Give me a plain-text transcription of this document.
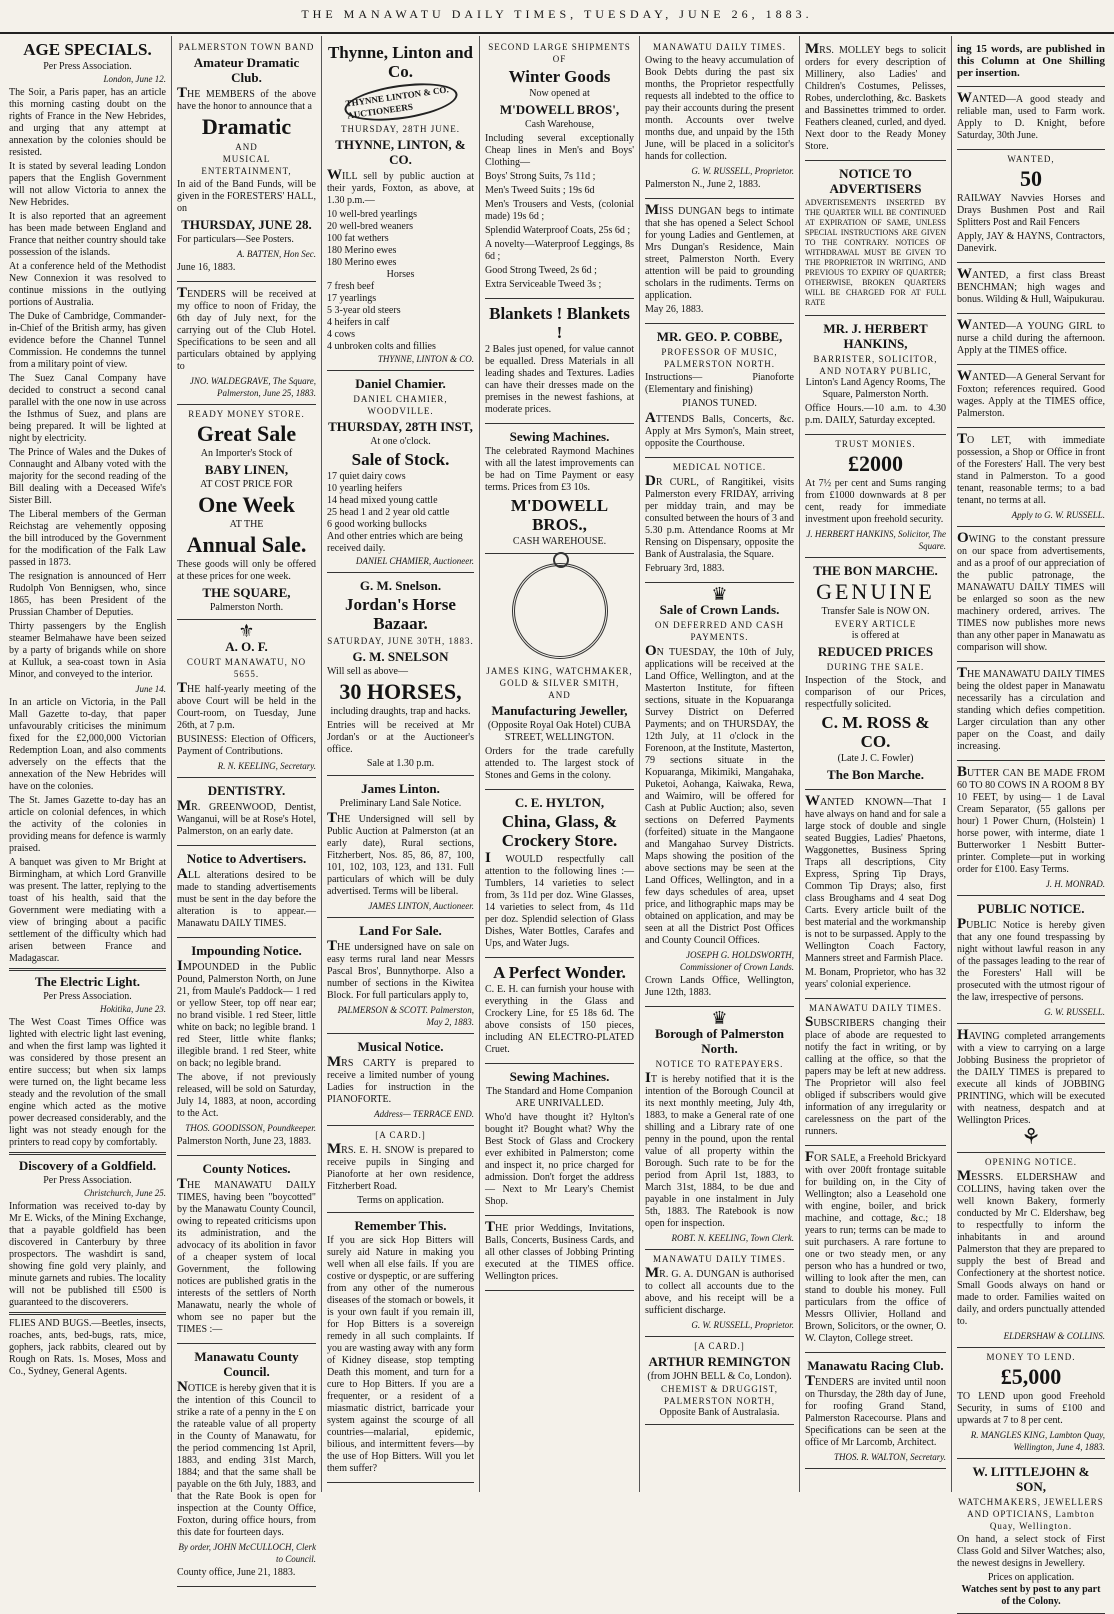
THE MANAWATU DAILY TIMES, TUESDAY, JUNE 26, 1883.
AGE SPECIALS.
Per Press Association.
London, June 12.

The Soir, a Paris paper, has an article this morning casting doubt on the rights of France in the New Hebrides, and urging that any attempt at annexation by the colonies should be resisted.

It is stated by several leading London papers that the English Government will not allow Victoria to annex the New Hebrides.

It is also reported that an agreement has been made between England and France that neither country should take possession of the islands.

At a conference held of the Methodist New Connexion it was resolved to continue missions in the outlying portions of Australia.

The Duke of Cambridge, Commander-in-Chief of the British army, has given evidence before the Channel Tunnel Commission. He condemns the tunnel from a military point of view.

The Suez Canal Company have decided to construct a second canal parallel with the one now in use across the Isthmus of Suez, and plans are being prepared. It will be lighted at night by electricity.

The Prince of Wales and the Dukes of Connaught and Albany voted with the majority for the second reading of the Bill dealing with a Deceased Wife's Sister Bill.

The Liberal members of the German Reichstag are vehemently opposing the bill introduced by the Government for the modification of the Falk Law passed in 1873.

The resignation is announced of Herr Rudolph Von Bennigsen, who, since 1865, has been President of the Prussian Chamber of Deputies.

Thirty passengers by the English steamer Belmahawe have been seized by a party of brigands while on shore at Kulluk, a sea-coast town in Asia Minor, and conveyed to the interior.

June 14.

In an article on Victoria, in the Pall Mall Gazette to-day, that paper unfavourably criticises the minimum fixed for the £2,000,000 Victorian Redemption Loan, and also comments adversely on the effects that the annexation of the New Hebrides will have on the colonies.

The St. James Gazette to-day has an article on colonial defences, in which the activity of the colonies in providing means for defence is warmly praised.

A banquet was given to Mr Bright at Birmingham, at which Lord Granville was present. The latter, replying to the toast of his health, said that the Government were mediating with a view of bringing about a pacific settlement of the difficulty which had arisen between France and Madagascar.

The Electric Light.
Per Press Association.
Hokitika, June 23.

The West Coast Times Office was lighted with electric light last evening, and when the first lamp was lighted it was considered by those present an entire success; but when six lamps were turned on, the light became less steady and the revolution of the small engine which acted as the motive power decreased considerably, and the light was not steady enough for the printers to read copy by comfortably.

Discovery of a Goldfield.
Per Press Association.
Christchurch, June 25.

Information was received to-day by Mr E. Wicks, of the Mining Exchange, that a payable goldfield has been discovered in Canterbury by three prospectors. The washdirt is sand, showing fine gold very plainly, and minute garnets and rubies. The locality will not be published till £500 is guaranteed to the discoverers.

FLIES AND BUGS.—Beetles, insects, roaches, ants, bed-bugs, rats, mice, gophers, jack rabbits, cleared out by Rough on Rats. 1s. Moses, Moss and Co., Sydney, General Agents.

PALMERSTON TOWN BAND
Amateur Dramatic Club.

THE MEMBERS of the above have the honor to announce that a

Dramatic
AND
MUSICAL ENTERTAINMENT,

In aid of the Band Funds, will be given in the FORESTERS' HALL, on

THURSDAY, JUNE 28.

For particulars—See Posters.

A. BATTEN, Hon Sec.
June 16, 1883.

TENDERS will be received at my office to noon of Friday, the 6th day of July next, for the carrying out of the Club Hotel. Specifications to be seen and all particulars obtained by applying to

JNO. WALDEGRAVE, The Square, Palmerston, June 25, 1883.
READY MONEY STORE.
Great Sale
An Importer's Stock of
BABY LINEN,
AT COST PRICE FOR
One Week
AT THE
Annual Sale.

These goods will only be offered at these prices for one week.

THE SQUARE,
Palmerston North.
⚜
A. O. F.
COURT MANAWATU, NO 5655.

THE half-yearly meeting of the above Court will be held in the Court-room, on Tuesday, June 26th, at 7 p.m.

BUSINESS: Election of Officers, Payment of Contributions.

R. N. KEELING, Secretary.
DENTISTRY.

MR. GREENWOOD, Dentist, Wanganui, will be at Rose's Hotel, Palmerston, on an early date.

Notice to Advertisers.

ALL alterations desired to be made to standing advertisements must be sent in the day before the alteration is to appear.—Manawatu DAILY TIMES.

Impounding Notice.

IMPOUNDED in the Public Pound, Palmerston North, on June 21, from Maule's Paddock— 1 red or yellow Steer, top off near ear; no brand visible. 1 red Steer, little white on back; no legible brand. 1 red Steer, little white flanks; illegible brand. 1 red Steer, white on back; no legible brand.

The above, if not previously released, will be sold on Saturday, July 14, 1883, at noon, according to the Act.

THOS. GOODISSON, Poundkeeper.
Palmerston North, June 23, 1883.
County Notices.

THE MANAWATU DAILY TIMES, having been "boycotted" by the Manawatu County Council, owing to repeated criticisms upon its administration, and the advocacy of its abolition in favor of a cheaper system of local Government, the following notices are published gratis in the interests of the settlers of North Manawatu, nearly the whole of whom see no paper but the TIMES :—

Manawatu County Council.

NOTICE is hereby given that it is the intention of this Council to strike a rate of a penny in the £ on the rateable value of all property in the County of Manawatu, for the period commencing 1st April, 1883, and ending 31st March, 1884; and that the same shall be payable on the 6th July, 1883, and that the Rate Book is open for inspection at the County Office, Foxton, during office hours, from this date for fourteen days.

By order, JOHN McCULLOCH, Clerk to Council.
County office, June 21, 1883.
Thynne, Linton and Co.
THYNNE LINTON & CO. AUCTIONEERS
THURSDAY, 28TH JUNE.
THYNNE, LINTON, & CO.

WILL sell by public auction at their yards, Foxton, as above, at 1.30 p.m.—

10 well-bred yearlings
20 well-bred weaners
100 fat wethers
180 Merino ewes
180 Merino ewes
Horses
7 fresh beef
17 yearlings
5 3-year old steers
4 heifers in calf
4 cows
4 unbroken colts and fillies
THYNNE, LINTON & CO.
Daniel Chamier.
DANIEL CHAMIER, WOODVILLE.
THURSDAY, 28TH INST,
At one o'clock.
Sale of Stock.
17 quiet dairy cows
10 yearling heifers
14 head mixed young cattle
25 head 1 and 2 year old cattle
6 good working bullocks
And other entries which are being received daily.
DANIEL CHAMIER, Auctioneer.
G. M. Snelson.
Jordan's Horse Bazaar.
SATURDAY, JUNE 30TH, 1883.
G. M. SNELSON
Will sell as above—
30 HORSES,
including draughts, trap and hacks.

Entries will be received at Mr Jordan's or at the Auctioneer's office.

Sale at 1.30 p.m.
James Linton.
Preliminary Land Sale Notice.

THE Undersigned will sell by Public Auction at Palmerston (at an early date), Rural sections, Fitzherbert, Nos. 85, 86, 87, 100, 101, 102, 103, 123, and 131. Full particulars of which will be duly advertised. Terms will be liberal.

JAMES LINTON, Auctioneer.
Land For Sale.

THE undersigned have on sale on easy terms rural land near Messrs Pascal Bros', Bunnythorpe. Also a number of sections in the Kiwitea Block. For full particulars apply to,

PALMERSON & SCOTT. Palmerston, May 2, 1883.
Musical Notice.

MRS CARTY is prepared to receive a limited number of young Ladies for instruction in the PIANOFORTE.

Address— TERRACE END.
[A CARD.]

MRS. E. H. SNOW is prepared to receive pupils in Singing and Pianoforte at her own residence, Fitzherbert Road.

Terms on application.
Remember This.

If you are sick Hop Bitters will surely aid Nature in making you well when all else fails. If you are costive or dyspeptic, or are suffering from any other of the numerous diseases of the stomach or bowels, it is your own fault if you remain ill, for Hop Bitters is a sovereign remedy in all such complaints. If you are wasting away with any form of Kidney disease, stop tempting Death this moment, and turn for a cure to Hop Bitters. If you are a frequenter, or a resident of a miasmatic district, barricade your system against the scourge of all countries—malarial, epidemic, bilious, and intermittent fevers—by the use of Hop Bitters. Will you let them suffer?

SECOND LARGE SHIPMENTS OF
Winter Goods
Now opened at
M'DOWELL BROS',
Cash Warehouse,

Including several exceptionally Cheap lines in Men's and Boys' Clothing—

Boys' Strong Suits, 7s 11d ;
Men's Tweed Suits ; 19s 6d
Men's Trousers and Vests, (colonial made) 19s 6d ;
Splendid Waterproof Coats, 25s 6d ;
A novelty—Waterproof Leggings, 8s 6d ;
Good Strong Tweed, 2s 6d ;
Extra Serviceable Tweed 3s ;
Blankets ! Blankets !

2 Bales just opened, for value cannot be equalled. Dress Materials in all leading shades and Textures. Ladies can have their dresses made on the premises in the newest fashions, at moderate prices.

Sewing Machines.

The celebrated Raymond Machines with all the latest improvements can be had on Time Payment or easy terms. Prices from £3 10s.

M'DOWELL BROS.,
CASH WAREHOUSE.
JAMES KING, WATCHMAKER, GOLD & SILVER SMITH,
AND
Manufacturing Jeweller,
(Opposite Royal Oak Hotel) CUBA STREET, WELLINGTON.

Orders for the trade carefully attended to. The largest stock of Stones and Gems in the colony.

C. E. HYLTON,
China, Glass, & Crockery Store.

I WOULD respectfully call attention to the following lines :— Tumblers, 14 varieties to select from, 3s 11d per doz. Wine Glasses, 14 varieties to select from, 4s 11d per doz. Splendid selection of Glass Dishes, Water Bottles, Carafes and Ups, and Water Jugs.

A Perfect Wonder.

C. E. H. can furnish your house with everything in the Glass and Crockery Line, for £5 18s 6d. The above consists of 150 pieces, including AN ELECTRO-PLATED Cruet.

Sewing Machines.
The Standard and Home Companion ARE UNRIVALLED.

Who'd have thought it? Hylton's bought it? Bought what? Why the Best Stock of Glass and Crockery ever exhibited in Palmerston; come and inspect it, no price charged for admission. Don't forget the address— Next to Mr Leary's Chemist Shop.

THE prior Weddings, Invitations, Balls, Concerts, Business Cards, and all other classes of Jobbing Printing executed at the TIMES office. Wellington prices.

MANAWATU DAILY TIMES.

Owing to the heavy accumulation of Book Debts during the past six months, the Proprietor respectfully requests all indebted to the office to pay their accounts during the present month. Accounts over twelve months due, and unpaid by the 15th June, will be placed in a solicitor's hands for collection.

G. W. RUSSELL, Proprietor.
Palmerston N., June 2, 1883.

MISS DUNGAN begs to intimate that she has opened a Select School for young Ladies and Gentlemen, at Mrs Dungan's Residence, Main street, Palmerston North. Every attention will be paid to grounding scholars in the rudiments. Terms on application.

May 26, 1883.
MR. GEO. P. COBBE,
PROFESSOR OF MUSIC, PALMERSTON NORTH.
Instructions— Pianoforte (Elementary and finishing)
PIANOS TUNED.

ATTENDS Balls, Concerts, &c. Apply at Mrs Symon's, Main street, opposite the Courthouse.

MEDICAL NOTICE.

DR CURL, of Rangitikei, visits Palmerston every FRIDAY, arriving per midday train, and may be consulted between the hours of 3 and 5.30 p.m. Attendance Rooms at Mr Rensing on Dispensary, opposite the Bank of Australasia, the Square.

February 3rd, 1883.
♛
Sale of Crown Lands.
ON DEFERRED AND CASH PAYMENTS.

ON TUESDAY, the 10th of July, applications will be received at the Land Office, Wellington, and at the Masterton Institute, for fifteen sections, situate in the Kopuaranga Survey District on Deferred Payments; and on THURSDAY, the 12th July, at 11 o'clock in the Forenoon, at the Institute, Masterton, 79 sections situate in the Kopuaranga, Mikimiki, Mangahaka, Puketoi, Aohanga, Kaiwaka, Rewa, and Waimiro, will be offered for Cash at Public Auction; also, seven sections on Deferred Payments (forfeited) situate in the Mangaone and Mangahao Survey Districts. Maps showing the position of the above sections may be seen at the Land Offices, Wellington, and in a few days schedules of area, upset price, and lithographic maps may be obtained on application, and may be seen at all the District Post Offices and County Council Offices.

JOSEPH G. HOLDSWORTH, Commissioner of Crown Lands.
Crown Lands Office, Wellington, June 12th, 1883.
♛
Borough of Palmerston North.
NOTICE TO RATEPAYERS.

IT is hereby notified that it is the intention of the Borough Council at its next monthly meeting, July 4th, 1883, to make a General rate of one shilling and a Library rate of one penny in the pound, upon the rental value of all property within the Borough. Such rate to be for the period from April 1st, 1883, to March 31st, 1884, to be due and payable in one instalment in July 5th, 1883. The Ratebook is now open for inspection.

ROBT. N. KEELING, Town Clerk.
MANAWATU DAILY TIMES.

MR. G. A. DUNGAN is authorised to collect all accounts due to the above, and his receipt will be a sufficient discharge.

G. W. RUSSELL, Proprietor.
[A CARD.]
ARTHUR REMINGTON
(from JOHN BELL & Co, London).
CHEMIST & DRUGGIST, PALMERSTON NORTH,
Opposite Bank of Australasia.

MRS. MOLLEY begs to solicit orders for every description of Millinery, also Ladies' and Children's Costumes, Pelisses, Robes, underclothing, &c. Baskets and Bassinettes trimmed to order. Feathers cleaned, curled, and dyed. Next door to the Ready Money Store.

NOTICE TO ADVERTISERS

ADVERTISEMENTS INSERTED BY THE QUARTER WILL BE CONTINUED AT EXPIRATION OF SAME, UNLESS SPECIAL INSTRUCTIONS ARE GIVEN TO THE CONTRARY. NOTICES OF WITHDRAWAL MUST BE GIVEN TO THE PROPRIETOR IN WRITING, AND PREVIOUS TO EXPIRY OF QUARTER; OTHERWISE, BROKEN QUARTERS WILL BE CHARGED FOR AT FULL RATE

MR. J. HERBERT HANKINS,
BARRISTER, SOLICITOR, AND NOTARY PUBLIC,
Linton's Land Agency Rooms, The Square, Palmerston North.
Office Hours.—10 a.m. to 4.30 p.m. DAILY, Saturday excepted.
TRUST MONIES.
£2000

At 7½ per cent and Sums ranging from £1000 downwards at 8 per cent, ready for immediate investment upon freehold security.

J. HERBERT HANKINS, Solicitor, The Square.
THE BON MARCHE.
GENUINE
Transfer Sale is NOW ON.
EVERY ARTICLE
is offered at
REDUCED PRICES
DURING THE SALE.

Inspection of the Stock, and comparison of our Prices, respectfully solicited.

C. M. ROSS & CO.
(Late J. C. Fowler)
The Bon Marche.

WANTED KNOWN—That I have always on hand and for sale a large stock of double and single seated Buggies, Ladies' Phaetons, Waggonettes, Business Spring Traps all descriptions, City Express, Spring Tip Drays, Common Tip Drays; also, first class Broughams and 4 seat Dog Carts. Every article built of the best material and the workmanship is not to be surpassed. Apply to the Wellington Coach Factory, Manners street and Farmish Place.

M. Bonam, Proprietor, who has 32 years' colonial experience.
MANAWATU DAILY TIMES.

SUBSCRIBERS changing their place of abode are requested to notify the fact in writing, or by calling at the office, so that the papers may be left at new address. The Proprietor will also feel obliged if subscribers would give information of any irregularity or carelessness on the part of the runners.

FOR SALE, a Freehold Brickyard with over 200ft frontage suitable for building on, in the City of Wellington; also a Leasehold one with engine, boiler, and brick machine, and cottage, &c.; 18 years to run; terms can be made to suit purchasers. A rare fortune to one or two steady men, or any person who has a hundred or two, willing to look after the men, can stand to double his money. Full particulars from the office of Messrs Ollivier, Holland and Brown, Solicitors, or the owner, O. W. Clayton, College street.

Manawatu Racing Club.

TENDERS are invited until noon on Thursday, the 28th day of June, for roofing Grand Stand, Palmerston Racecourse. Plans and Specifications can be seen at the office of Mr Larcomb, Architect.

THOS. R. WALTON, Secretary.
ing 15 words, are published in this Column at One Shilling per insertion.

WANTED—A good steady and reliable man, used to Farm work. Apply to D. Knight, before Saturday, 30th June.

WANTED,
50

RAILWAY Navvies Horses and Drays Bushmen Post and Rail Splitters Post and Rail Fencers

Apply, JAY & HAYNS, Contractors, Danevirk.

WANTED, a first class Breast BENCHMAN; high wages and bonus. Wilding & Hull, Waipukurau.

WANTED—A YOUNG GIRL to nurse a child during the afternoon. Apply at the TIMES office.

WANTED—A General Servant for Foxton; references required. Good wages. Apply at the TIMES office, Palmerston.

TO LET, with immediate possession, a Shop or Office in front of the Foresters' Hall. The very best stand in Palmerston. To a good tenant, reasonable terms; to a bad tenant, no terms at all.

Apply to G. W. RUSSELL.

OWING to the constant pressure on our space from advertisements, and as a proof of our appreciation of the public patronage, the MANAWATU DAILY TIMES will be enlarged so soon as the new machinery ordered, arrives. The TIMES now publishes more news than any other paper in Manawatu as comparison will show.

THE MANAWATU DAILY TIMES being the oldest paper in Manawatu necessarily has a circulation and standing which defies competition. Larger circulation than any other paper on the Coast, and daily increasing.

BUTTER CAN BE MADE FROM 60 TO 80 COWS IN A ROOM 8 BY 10 FEET, by using— 1 de Laval Cream Separator, (55 gallons per hour) 1 Power Churn, (Holstein) 1 horse power, with interme, diate 1 Butterworker 1 Nesbitt Butter-printer. Complete—put in working order for £100. Easy Terms.

J. H. MONRAD.
PUBLIC NOTICE.

PUBLIC Notice is hereby given that any one found trespassing by night without lawful reason in any of the passages leading to the rear of the Foresters' Hall will be prosecuted with the utmost rigour of the law, irrespective of persons.

G. W. RUSSELL.

HAVING completed arrangements with a view to carrying on a large Jobbing Business the proprietor of the DAILY TIMES is prepared to execute all kinds of JOBBING PRINTING, which will be executed with neatness, despatch and at Wellington Prices.

⚘
OPENING NOTICE.

MESSRS. ELDERSHAW and COLLINS, having taken over the well known Bakery, formerly conducted by Mr C. Eldershaw, beg to respectfully to inform the inhabitants in and around Palmerston that they are prepared to supply the best of Bread and Confectionery at the shortest notice. Small Goods always on hand or made to order. Families waited on daily, and orders punctually attended to.

ELDERSHAW & COLLINS.
MONEY TO LEND.
£5,000

TO LEND upon good Freehold Security, in sums of £100 and upwards at 7 to 8 per cent.

R. MANGLES KING, Lambton Quay, Wellington, June 4, 1883.
W. LITTLEJOHN & SON,
WATCHMAKERS, JEWELLERS AND OPTICIANS, Lambton Quay, Wellington.

On hand, a select stock of First Class Gold and Silver Watches; also, the newest designs in Jewellery.

Prices on application.
Watches sent by post to any part of the Colony.
